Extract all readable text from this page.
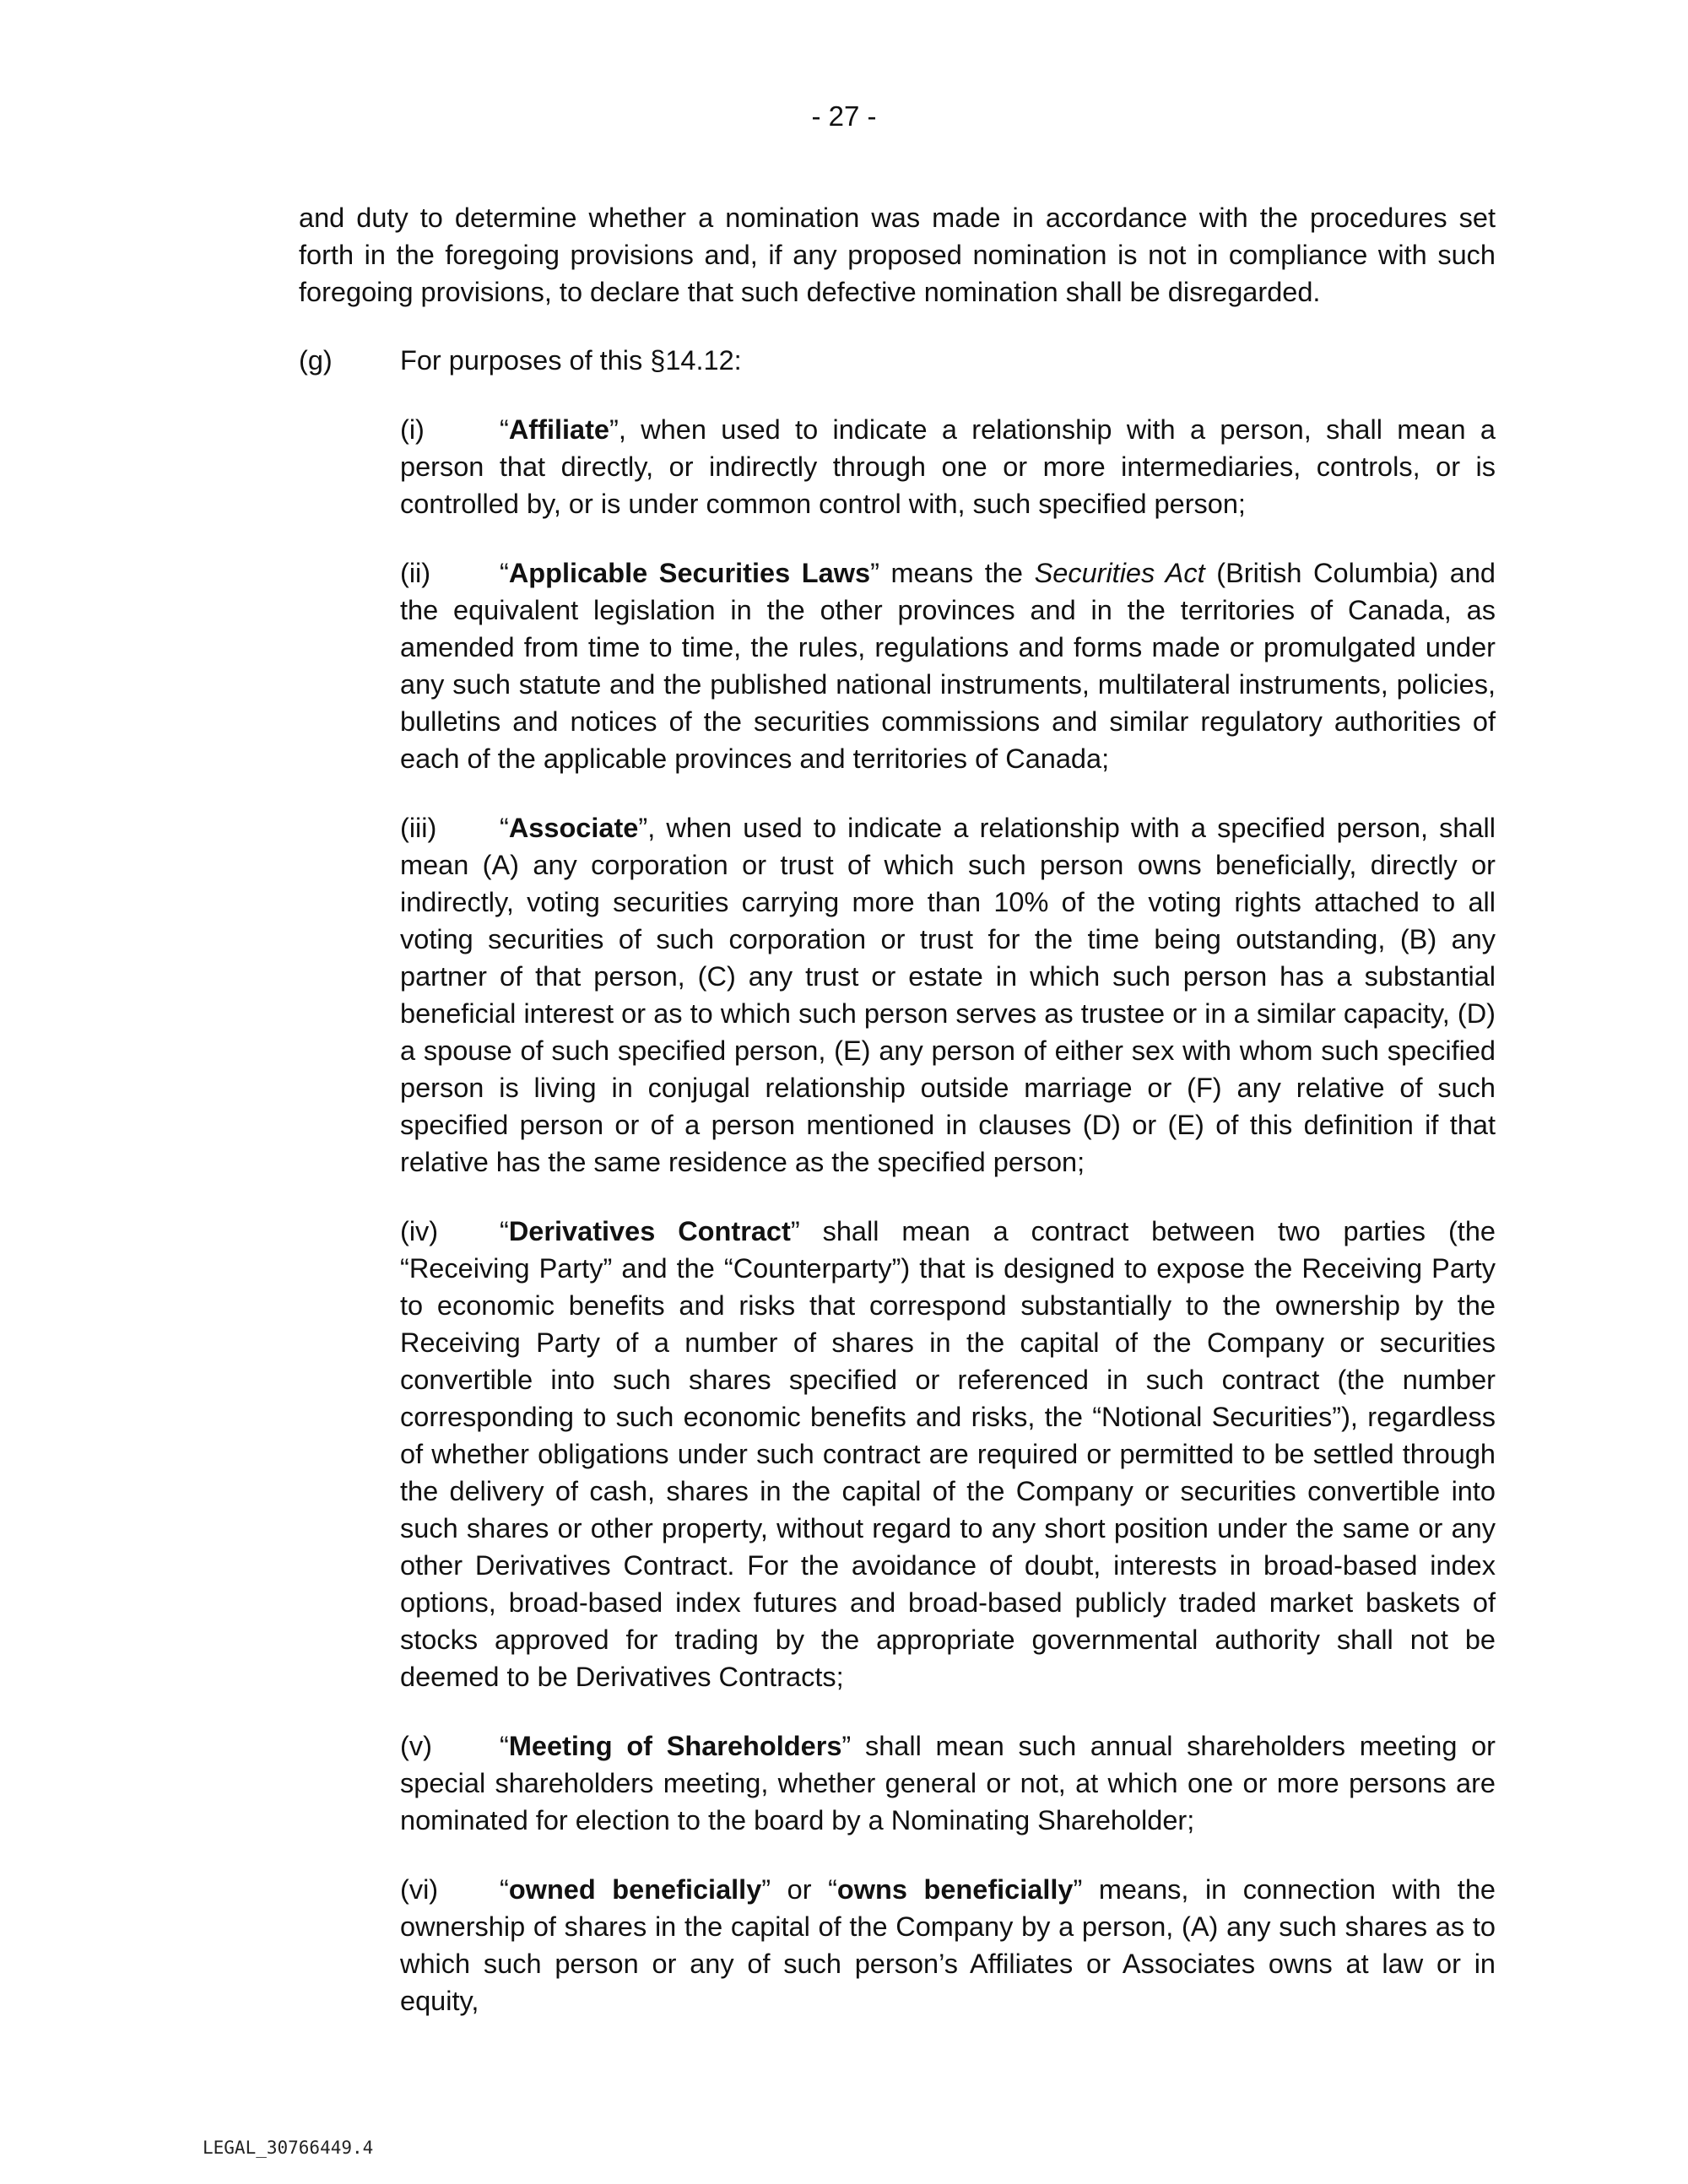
- 27 -

and duty to determine whether a nomination was made in accordance with the procedures set forth in the foregoing provisions and, if any proposed nomination is not in compliance with such foregoing provisions, to declare that such defective nomination shall be disregarded.

(g)	For purposes of this §14.12:

(i)	“Affiliate”, when used to indicate a relationship with a person, shall mean a person that directly, or indirectly through one or more intermediaries, controls, or is controlled by, or is under common control with, such specified person;

(ii)	“Applicable Securities Laws” means the Securities Act (British Columbia) and the equivalent legislation in the other provinces and in the territories of Canada, as amended from time to time, the rules, regulations and forms made or promulgated under any such statute and the published national instruments, multilateral instruments, policies, bulletins and notices of the securities commissions and similar regulatory authorities of each of the applicable provinces and territories of Canada;

(iii) “Associate”, when used to indicate a relationship with a specified person, shall mean (A) any corporation or trust of which such person owns beneficially, directly or indirectly, voting securities carrying more than 10% of the voting rights attached to all voting securities of such corporation or trust for the time being outstanding, (B) any partner of that person, (C) any trust or estate in which such person has a substantial beneficial interest or as to which such person serves as trustee or in a similar capacity, (D) a spouse of such specified person, (E) any person of either sex with whom such specified person is living in conjugal relationship outside marriage or (F) any relative of such specified person or of a person mentioned in clauses (D) or (E) of this definition if that relative has the same residence as the specified person;

(iv) “Derivatives Contract” shall mean a contract between two parties (the “Receiving Party” and the “Counterparty”) that is designed to expose the Receiving Party to economic benefits and risks that correspond substantially to the ownership by the Receiving Party of a number of shares in the capital of the Company or securities convertible into such shares specified or referenced in such contract (the number corresponding to such economic benefits and risks, the “Notional Securities”), regardless of whether obligations under such contract are required or permitted to be settled through the delivery of cash, shares in the capital of the Company or securities convertible into such shares or other property, without regard to any short position under the same or any other Derivatives Contract. For the avoidance of doubt, interests in broad-based index options, broad-based index futures and broad-based publicly traded market baskets of stocks approved for trading by the appropriate governmental authority shall not be deemed to be Derivatives Contracts;

(v) “Meeting of Shareholders” shall mean such annual shareholders meeting or special shareholders meeting, whether general or not, at which one or more persons are nominated for election to the board by a Nominating Shareholder;

(vi) “owned beneficially” or “owns beneficially” means, in connection with the ownership of shares in the capital of the Company by a person, (A) any such shares as to which such person or any of such person’s Affiliates or Associates owns at law or in equity,

LEGAL_30766449.4
